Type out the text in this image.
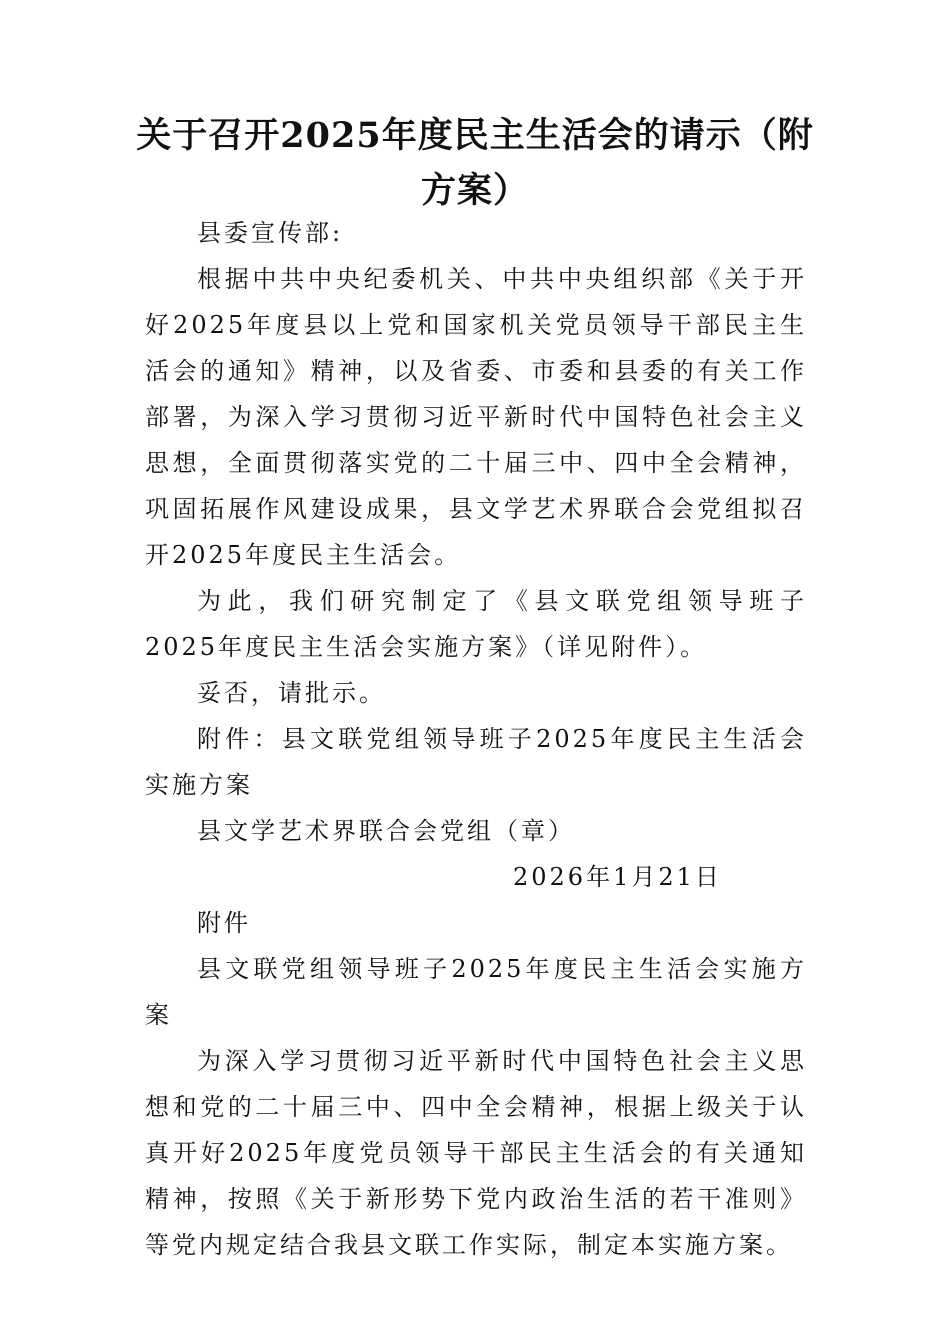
关于召开2025年度民主生活会的请示（附方案）

县委宣传部:

根据中共中央纪委机关、中共中央组织部《关于开好2025年度县以上党和国家机关党员领导干部民主生活会的通知》精神，以及省委、市委和县委的有关工作部署，为深入学习贯彻习近平新时代中国特色社会主义思想，全面贯彻落实党的二十届三中、四中全会精神，巩固拓展作风建设成果，县文学艺术界联合会党组拟召开2025年度民主生活会。

为此，我们研究制定了《县文联党组领导班子2025年度民主生活会实施方案》（详见附件）。

妥否，请批示。

附件：县文联党组领导班子2025年度民主生活会实施方案

县文学艺术界联合会党组（章）

2026年1月21日

附件

县文联党组领导班子2025年度民主生活会实施方案

为深入学习贯彻习近平新时代中国特色社会主义思想和党的二十届三中、四中全会精神，根据上级关于认真开好2025年度党员领导干部民主生活会的有关通知精神，按照《关于新形势下党内政治生活的若干准则》等党内规定结合我县文联工作实际，制定本实施方案。
